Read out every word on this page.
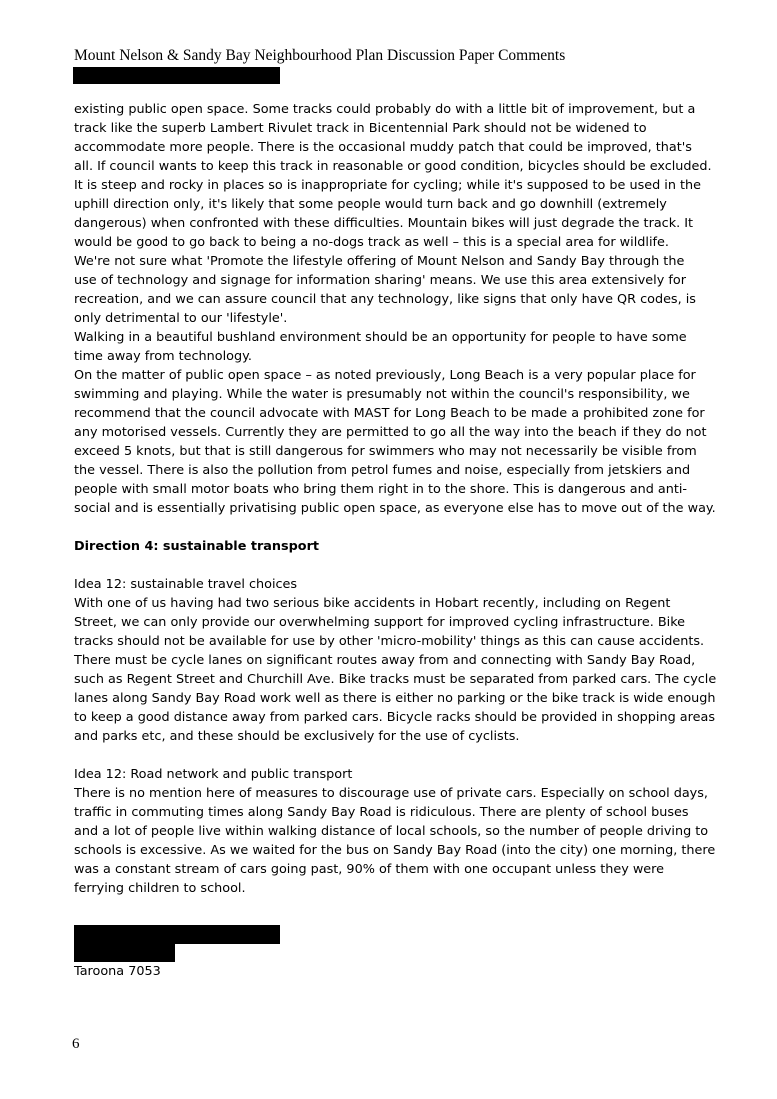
Mount Nelson & Sandy Bay Neighbourhood Plan Discussion Paper Comments

existing public open space. Some tracks could probably do with a little bit of improvement, but a

track like the superb Lambert Rivulet track in Bicentennial Park should not be widened to

accommodate more people. There is the occasional muddy patch that could be improved, that's

all. If council wants to keep this track in reasonable or good condition, bicycles should be excluded.

It is steep and rocky in places so is inappropriate for cycling; while it's supposed to be used in the

uphill direction only, it's likely that some people would turn back and go downhill (extremely

dangerous) when confronted with these difficulties. Mountain bikes will just degrade the track. It

would be good to go back to being a no-dogs track as well – this is a special area for wildlife.

We're not sure what 'Promote the lifestyle offering of Mount Nelson and Sandy Bay through the

use of technology and signage for information sharing' means. We use this area extensively for

recreation, and we can assure council that any technology, like signs that only have QR codes, is

only detrimental to our 'lifestyle'.

Walking in a beautiful bushland environment should be an opportunity for people to have some

time away from technology.

On the matter of public open space – as noted previously, Long Beach is a very popular place for

swimming and playing. While the water is presumably not within the council's responsibility, we

recommend that the council advocate with MAST for Long Beach to be made a prohibited zone for

any motorised vessels. Currently they are permitted to go all the way into the beach if they do not

exceed 5 knots, but that is still dangerous for swimmers who may not necessarily be visible from

the vessel. There is also the pollution from petrol fumes and noise, especially from jetskiers and

people with small motor boats who bring them right in to the shore. This is dangerous and anti-

social and is essentially privatising public open space, as everyone else has to move out of the way.

Direction 4: sustainable transport

Idea 12: sustainable travel choices

With one of us having had two serious bike accidents in Hobart recently, including on Regent

Street, we can only provide our overwhelming support for improved cycling infrastructure. Bike

tracks should not be available for use by other 'micro-mobility' things as this can cause accidents.

There must be cycle lanes on significant routes away from and connecting with Sandy Bay Road,

such as Regent Street and Churchill Ave. Bike tracks must be separated from parked cars. The cycle

lanes along Sandy Bay Road work well as there is either no parking or the bike track is wide enough

to keep a good distance away from parked cars. Bicycle racks should be provided in shopping areas

and parks etc, and these should be exclusively for the use of cyclists.

Idea 12: Road network and public transport

There is no mention here of measures to discourage use of private cars. Especially on school days,

traffic in commuting times along Sandy Bay Road is ridiculous. There are plenty of school buses

and a lot of people live within walking distance of local schools, so the number of people driving to

schools is excessive. As we waited for the bus on Sandy Bay Road (into the city) one morning, there

was a constant stream of cars going past, 90% of them with one occupant unless they were

ferrying children to school.

Taroona 7053
6
